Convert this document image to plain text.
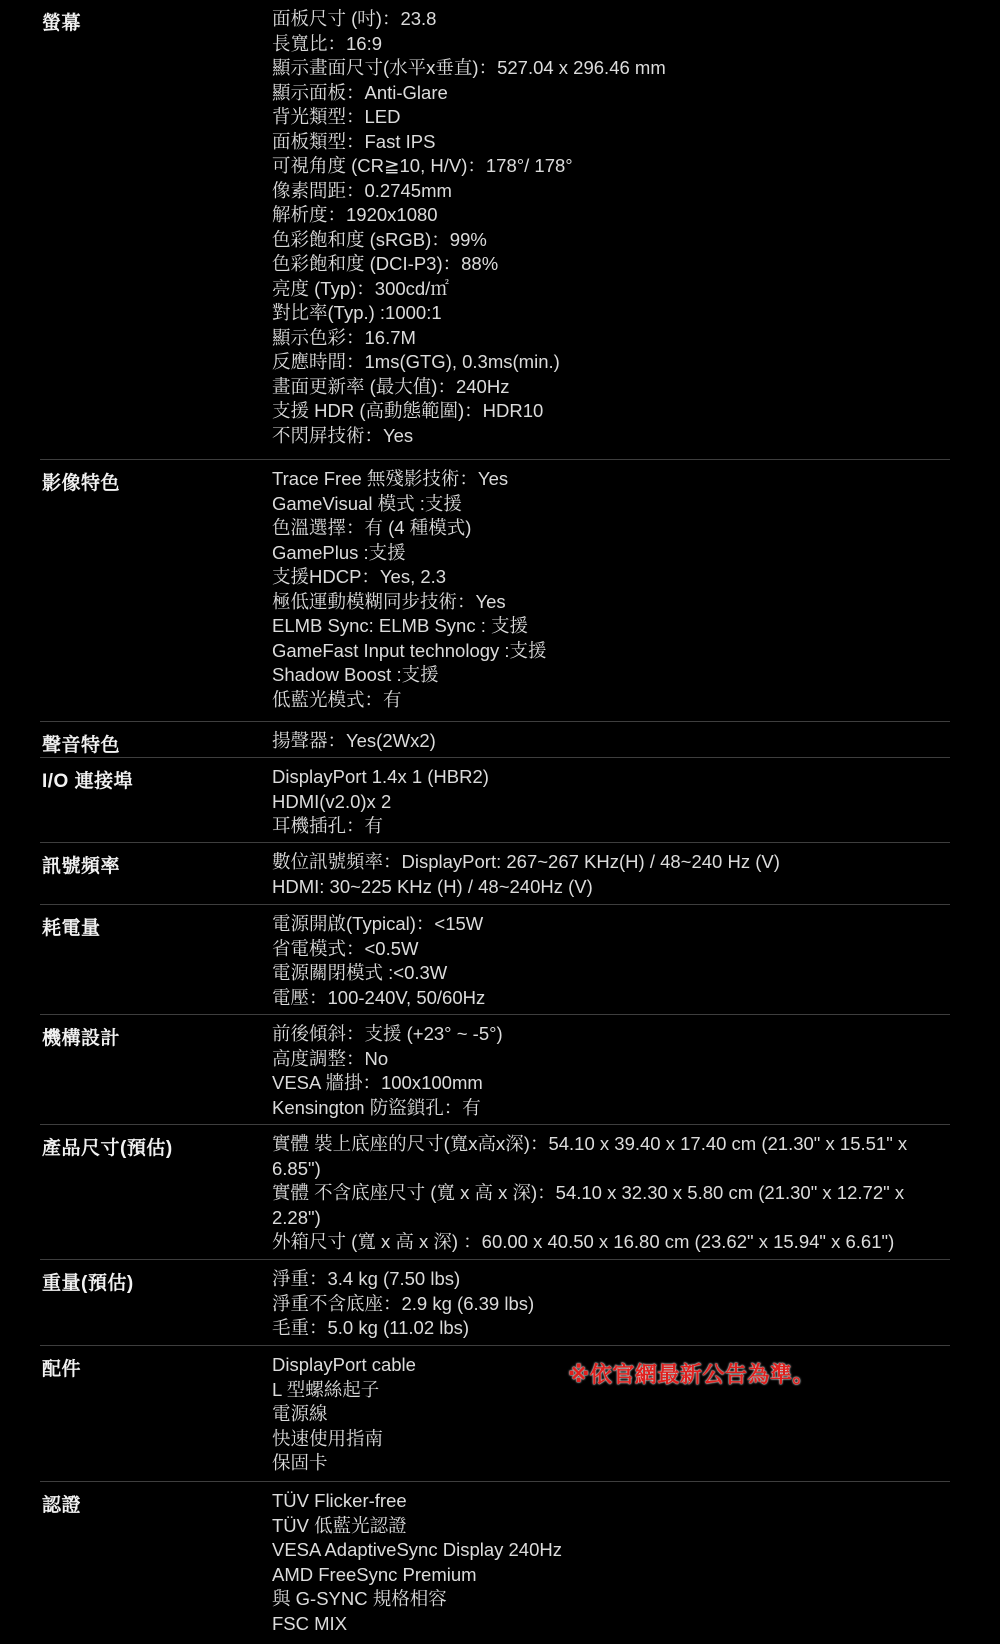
螢幕	面板尺寸 (吋)：23.8
長寬比：16:9
顯示畫面尺寸(水平x垂直)：527.04 x 296.46 mm
顯示面板：Anti-Glare
背光類型：LED
面板類型：Fast IPS
可視角度 (CR≧10, H/V)：178°/ 178°
像素間距：0.2745mm
解析度：1920x1080
色彩飽和度 (sRGB)：99%
色彩飽和度 (DCI-P3)：88%
亮度 (Typ)：300cd/㎡
對比率(Typ.) :1000:1
顯示色彩：16.7M
反應時間：1ms(GTG), 0.3ms(min.)
畫面更新率 (最大值)：240Hz
支援 HDR (高動態範圍)：HDR10
不閃屏技術：Yes
影像特色	Trace Free 無殘影技術：Yes
GameVisual 模式 :支援
色溫選擇：有 (4 種模式)
GamePlus :支援
支援HDCP：Yes, 2.3
極低運動模糊同步技術：Yes
ELMB Sync: ELMB Sync : 支援
GameFast Input technology :支援
Shadow Boost :支援
低藍光模式：有
聲音特色	揚聲器：Yes(2Wx2)
I/O 連接埠	DisplayPort 1.4x 1 (HBR2)
HDMI(v2.0)x 2
耳機插孔：有
訊號頻率	數位訊號頻率：DisplayPort: 267~267 KHz(H) / 48~240 Hz (V)
HDMI: 30~225 KHz (H) / 48~240Hz (V)
耗電量	電源開啟(Typical)：<15W
省電模式：<0.5W
電源關閉模式 :<0.3W
電壓：100-240V, 50/60Hz
機構設計	前後傾斜：支援 (+23° ~ -5°)
高度調整：No
VESA 牆掛：100x100mm
Kensington 防盜鎖孔：有
產品尺寸(預估)	實體 裝上底座的尺寸(寬x高x深)：54.10 x 39.40 x 17.40 cm (21.30" x 15.51" x
6.85")
實體 不含底座尺寸 (寬 x 高 x 深)：54.10 x 32.30 x 5.80 cm (21.30" x 12.72" x
2.28")
外箱尺寸 (寬 x 高 x 深) ：60.00 x 40.50 x 16.80 cm (23.62" x 15.94" x 6.61")
重量(預估)	淨重：3.4 kg (7.50 lbs)
淨重不含底座：2.9 kg (6.39 lbs)
毛重：5.0 kg (11.02 lbs)
配件	DisplayPort cable
L 型螺絲起子
電源線
快速使用指南
保固卡
認證	TÜV Flicker-free
TÜV 低藍光認證
VESA AdaptiveSync Display 240Hz
AMD FreeSync Premium
與 G-SYNC 規格相容
FSC MIX
※依官網最新公告為準。
